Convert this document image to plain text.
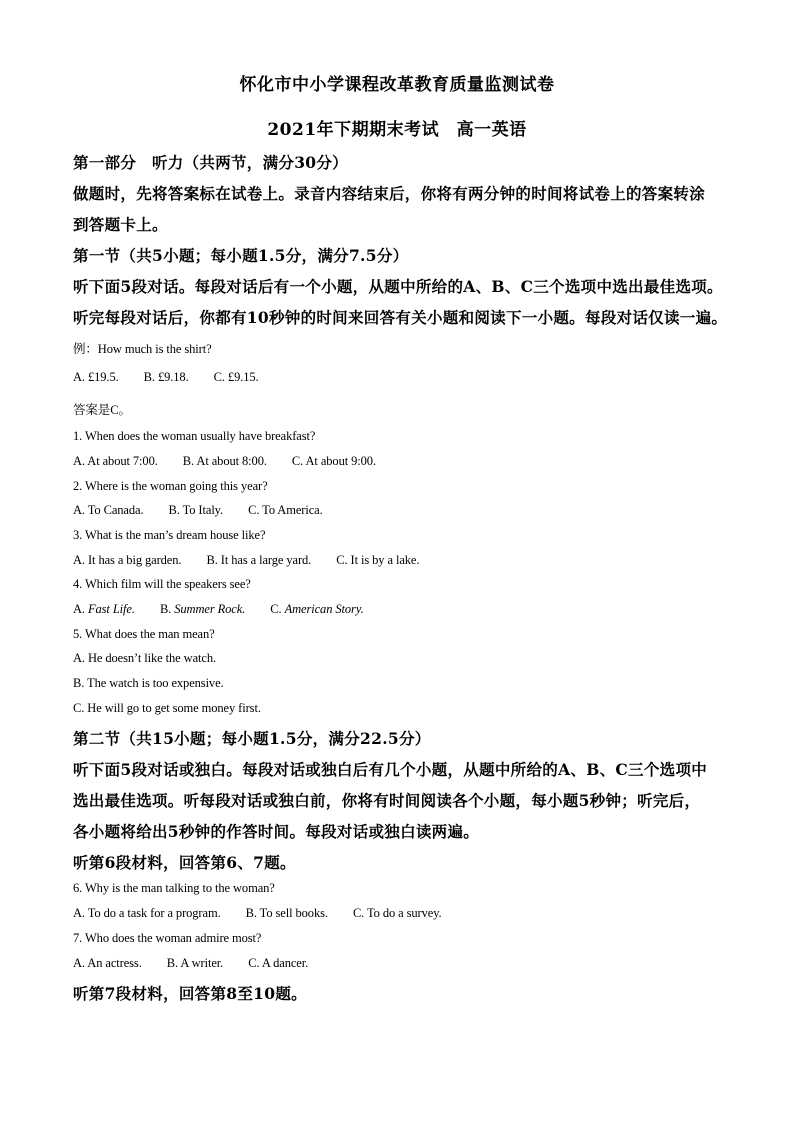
怀化市中小学课程改革教育质量监测试卷
2021年下期期末考试　高一英语
第一部分　听力（共两节，满分30分）
做题时，先将答案标在试卷上。录音内容结束后，你将有两分钟的时间将试卷上的答案转涂
到答题卡上。
第一节（共5小题；每小题1.5分，满分7.5分）
听下面5段对话。每段对话后有一个小题，从题中所给的A、B、C三个选项中选出最佳选项。
听完每段对话后，你都有10秒钟的时间来回答有关小题和阅读下一小题。每段对话仅读一遍。
例：How much is the shirt?
A. £19.5. B. £9.18. C. £9.15.
答案是C。
1. When does the woman usually have breakfast?
A. At about 7:00. B. At about 8:00. C. At about 9:00.
2. Where is the woman going this year?
A. To Canada. B. To Italy. C. To America.
3. What is the man’s dream house like?
A. It has a big garden. B. It has a large yard. C. It is by a lake.
4. Which film will the speakers see?
A. Fast Life. B. Summer Rock. C. American Story.
5. What does the man mean?
A. He doesn’t like the watch.
B. The watch is too expensive.
C. He will go to get some money first.
第二节（共15小题；每小题1.5分，满分22.5分）
听下面5段对话或独白。每段对话或独白后有几个小题，从题中所给的A、B、C三个选项中
选出最佳选项。听每段对话或独白前，你将有时间阅读各个小题，每小题5秒钟；听完后，
各小题将给出5秒钟的作答时间。每段对话或独白读两遍。
听第6段材料，回答第6、7题。
6. Why is the man talking to the woman?
A. To do a task for a program. B. To sell books. C. To do a survey.
7. Who does the woman admire most?
A. An actress. B. A writer. C. A dancer.
听第7段材料，回答第8至10题。
